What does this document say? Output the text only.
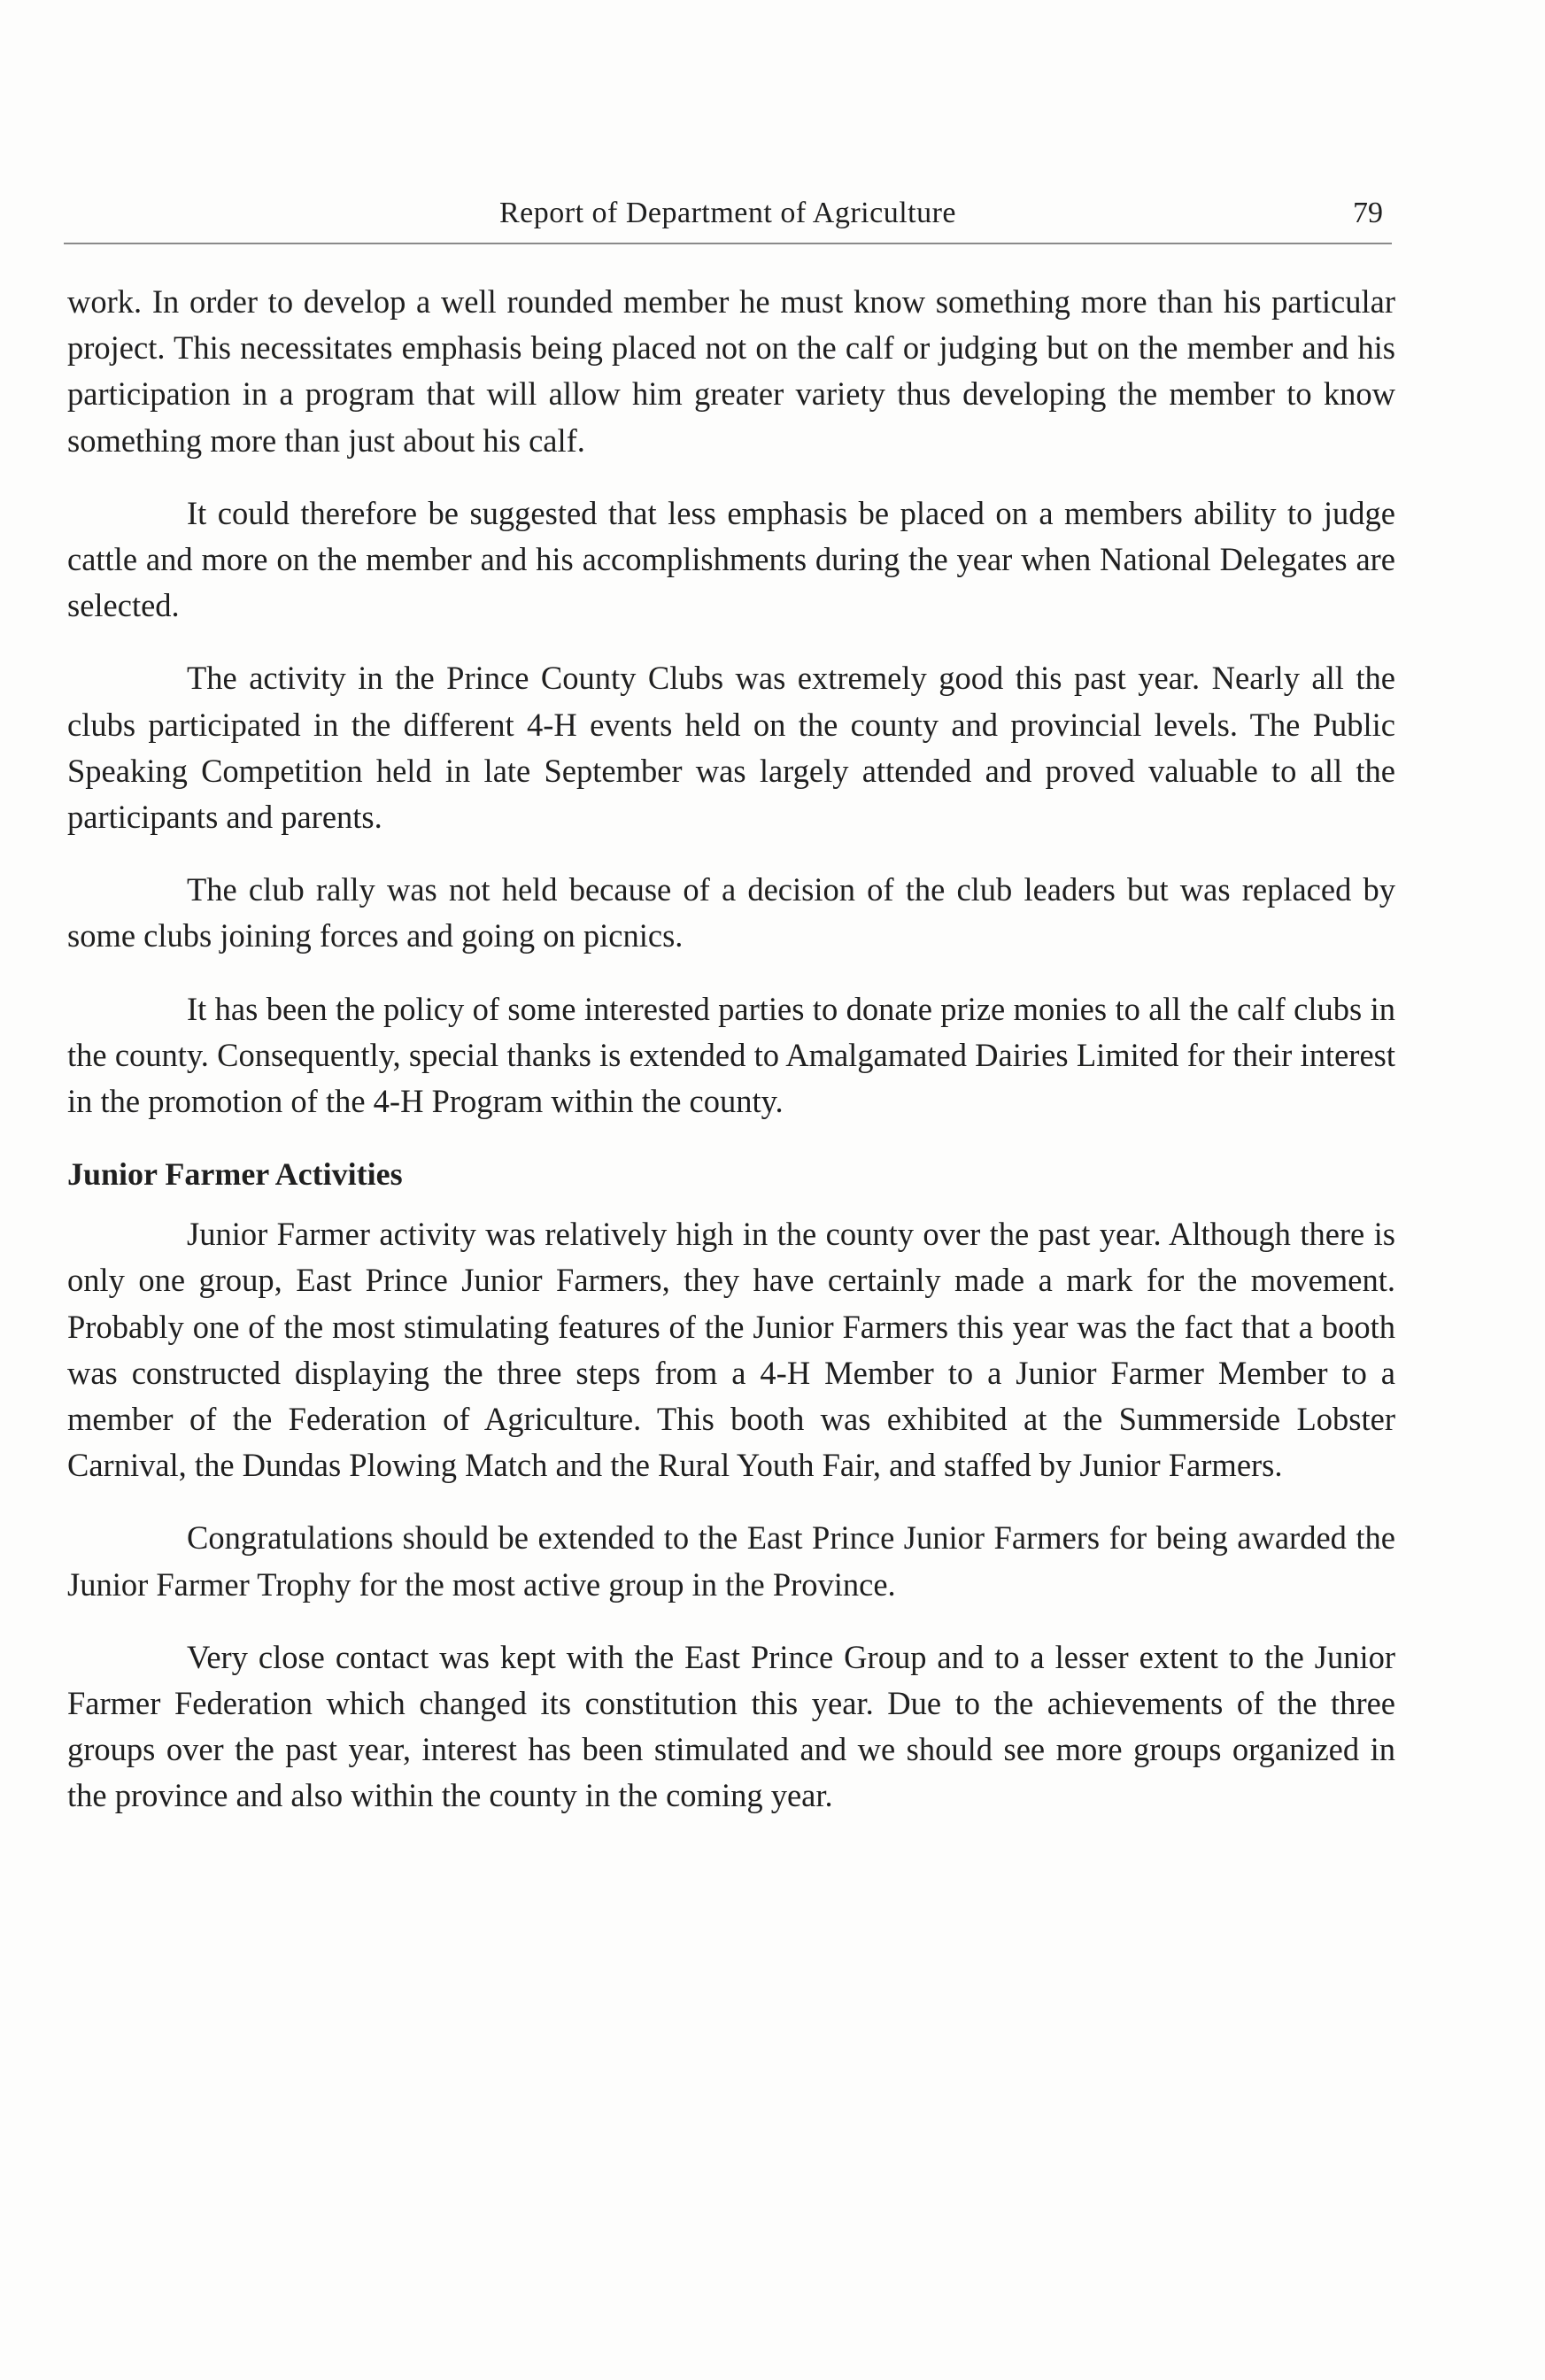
Report of Department of Agriculture	79

work. In order to develop a well rounded member he must know something more than his particular project. This necessitates emphasis being placed not on the calf or judging but on the member and his participation in a program that will allow him greater variety thus developing the member to know something more than just about his calf.

It could therefore be suggested that less emphasis be placed on a members ability to judge cattle and more on the member and his accomplishments during the year when National Delegates are selected.

The activity in the Prince County Clubs was extremely good this past year. Nearly all the clubs participated in the different 4-H events held on the county and provincial levels. The Public Speaking Competition held in late September was largely attended and proved valuable to all the participants and parents.

The club rally was not held because of a decision of the club leaders but was replaced by some clubs joining forces and going on picnics.

It has been the policy of some interested parties to donate prize monies to all the calf clubs in the county. Consequently, special thanks is extended to Amalgamated Dairies Limited for their interest in the promotion of the 4-H Program within the county.

Junior Farmer Activities

Junior Farmer activity was relatively high in the county over the past year. Although there is only one group, East Prince Junior Farmers, they have certainly made a mark for the movement. Probably one of the most stimulating features of the Junior Farmers this year was the fact that a booth was constructed displaying the three steps from a 4-H Member to a Junior Farmer Member to a member of the Federation of Agriculture. This booth was exhibited at the Summerside Lobster Carnival, the Dundas Plowing Match and the Rural Youth Fair, and staffed by Junior Farmers.

Congratulations should be extended to the East Prince Junior Farmers for being awarded the Junior Farmer Trophy for the most active group in the Province.

Very close contact was kept with the East Prince Group and to a lesser extent to the Junior Farmer Federation which changed its constitution this year. Due to the achievements of the three groups over the past year, interest has been stimulated and we should see more groups organized in the province and also within the county in the coming year.
